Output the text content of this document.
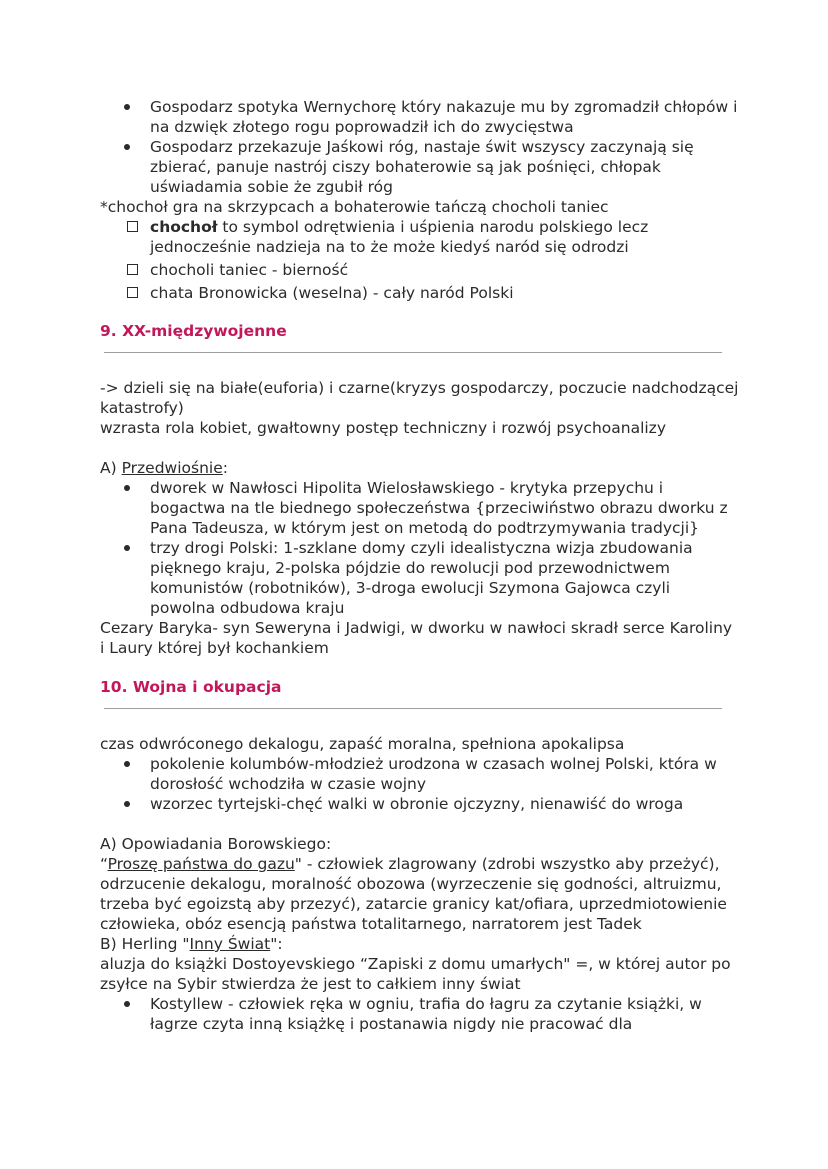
Gospodarz spotyka Wernychorę który nakazuje mu by zgromadził chłopów i na dzwięk złotego rogu poprowadził ich do zwycięstwa
Gospodarz przekazuje Jaśkowi róg, nastaje świt wszyscy zaczynają się zbierać, panuje nastrój ciszy bohaterowie są jak pośnięci, chłopak uświadamia sobie że zgubił róg

*chochoł gra na skrzypcach a bohaterowie tańczą chocholi taniec

chochoł to symbol odrętwienia i uśpienia narodu polskiego lecz jednocześnie nadzieja na to że może kiedyś naród się odrodzi
chocholi taniec - bierność
chata Bronowicka (weselna) - cały naród Polski

9. XX-międzywojenne

-> dzieli się na białe(euforia) i czarne(kryzys gospodarczy, poczucie nadchodzącej katastrofy)

wzrasta rola kobiet, gwałtowny postęp techniczny i rozwój psychoanalizy

A) Przedwiośnie:

dworek w Nawłosci Hipolita Wielosławskiego - krytyka przepychu i bogactwa na tle biednego społeczeństwa {przeciwiństwo obrazu dworku z Pana Tadeusza, w którym jest on metodą do podtrzymywania tradycji}
trzy drogi Polski: 1-szklane domy czyli idealistyczna wizja zbudowania pięknego kraju, 2-polska pójdzie do rewolucji pod przewodnictwem komunistów (robotników), 3-droga ewolucji Szymona Gajowca czyli powolna odbudowa kraju

Cezary Baryka- syn Seweryna i Jadwigi, w dworku w nawłoci skradł serce Karoliny i Laury której był kochankiem

10. Wojna i okupacja

czas odwróconego dekalogu, zapaść moralna, spełniona apokalipsa

pokolenie kolumbów-młodzież urodzona w czasach wolnej Polski, która w dorosłość wchodziła w czasie wojny
wzorzec tyrtejski-chęć walki w obronie ojczyzny, nienawiść do wroga

A) Opowiadania Borowskiego:

“Proszę państwa do gazu" - człowiek zlagrowany (zdrobi wszystko aby przeżyć), odrzucenie dekalogu, moralność obozowa (wyrzeczenie się godności, altruizmu, trzeba być egoizstą aby przezyć), zatarcie granicy kat/ofiara, uprzedmiotowienie człowieka, obóz esencją państwa totalitarnego, narratorem jest Tadek

B) Herling "Inny Świat":

aluzja do książki Dostoyevskiego “Zapiski z domu umarłych" =, w której autor po zsyłce na Sybir stwierdza że jest to całkiem inny świat

Kostyllew - człowiek ręka w ogniu, trafia do łagru za czytanie książki, w łagrze czyta inną książkę i postanawia nigdy nie pracować dla
